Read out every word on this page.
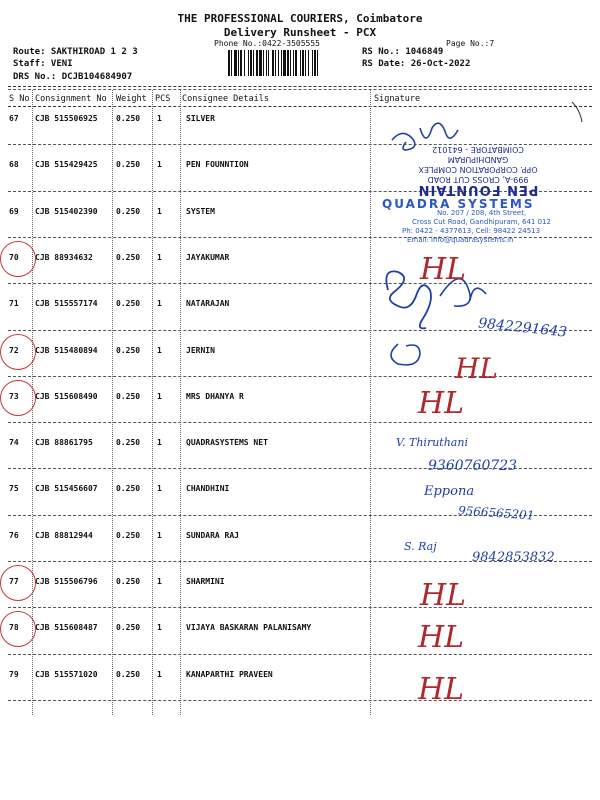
THE PROFESSIONAL COURIERS, Coimbatore
Delivery Runsheet - PCX
Phone No.:0422-3505555	Page No.:7
Route: SAKTHIROAD 1 2 3
Staff: VENI
DRS No.: DCJB104684907
RS No.: 1046849
RS Date: 26-Oct-2022
S No Consignment No Weight PCS Consignee Details	Signature
67 CJB 515506925 0.250 1	SILVER
68 CJB 515429425 0.250 1	PEN FOUNNTION
69 CJB 515402390 0.250 1	SYSTEM
70 CJB 88934632	0.250 1	JAYAKUMAR
71 CJB 515557174 0.250 1	NATARAJAN
72 CJB 515480894 0.250 1	JERNIN
73 CJB 515608490 0.250 1	MRS DHANYA R
74 CJB 88861795	0.250 1	QUADRASYSTEMS NET
75 CJB 515456607 0.250 1	CHANDHINI
76 CJB 88812944	0.250 1	SUNDARA RAJ
77 CJB 515506796 0.250 1	SHARMINI
78 CJB 515608487 0.250 1	VIJAYA BASKARAN PALANISAMY
79 CJB 515571020 0.250 1	KANAPARTHI PRAVEEN
PEN FOUNTAIN
999-A, CROSS CUT ROAD
OPP. CORPORATION COMPLEX
GANDHIPURAM
COIMBATORE - 641012
QUADRA SYSTEMS
No. 207 / 208, 4th Street,
Cross Cut Road, Gandhipuram, 641 012
Ph: 0422 - 4377613, Cell: 98422 24513
Email: info@quadrasystems.in
9842291643
HL
HL
HL
V. Thiruthani
9360760723
Eppona
9566565201
S. Raj
9842853832
HL
HL
HL
